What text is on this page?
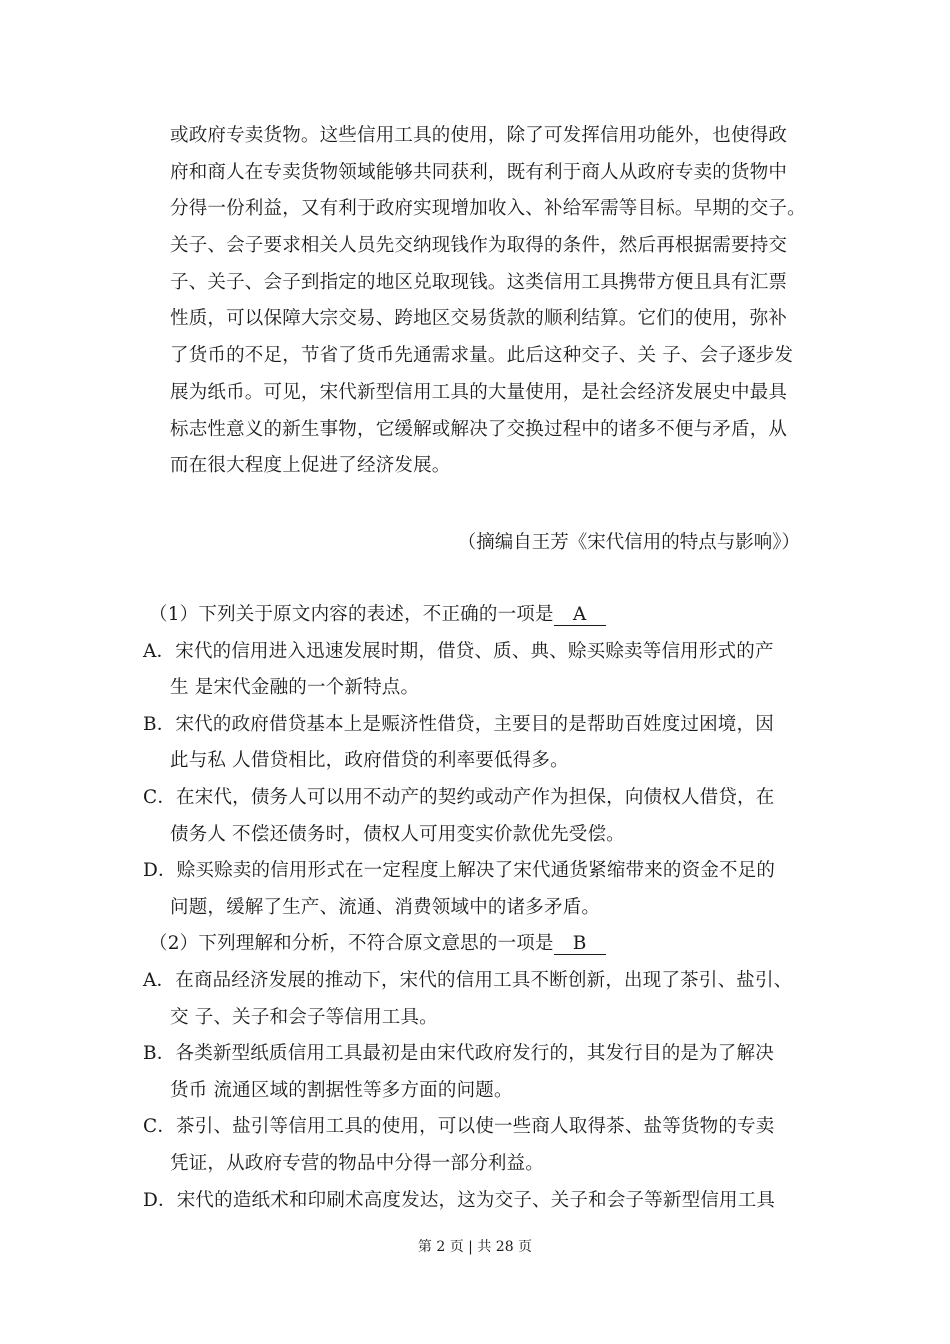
或政府专卖货物。这些信用工具的使用，除了可发挥信用功能外，也使得政
府和商人在专卖货物领域能够共同获利，既有利于商人从政府专卖的货物中
分得一份利益，又有利于政府实现增加收入、补给军需等目标。早期的交子。
关子、会子要求相关人员先交纳现钱作为取得的条件，然后再根据需要持交
子、关子、会子到指定的地区兑取现钱。这类信用工具携带方便且具有汇票
性质，可以保障大宗交易、跨地区交易货款的顺利结算。它们的使用，弥补
了货币的不足，节省了货币先通需求量。此后这种交子、关 子、会子逐步发
展为纸币。可见，宋代新型信用工具的大量使用，是社会经济发展史中最具
标志性意义的新生事物，它缓解或解决了交换过程中的诸多不便与矛盾，从
而在很大程度上促进了经济发展。
（摘编自王芳《宋代信用的特点与影响》）
（1）下列关于原文内容的表述，不正确的一项是 A
A．宋代的信用进入迅速发展时期，借贷、质、典、赊买赊卖等信用形式的产
生 是宋代金融的一个新特点。
B．宋代的政府借贷基本上是赈济性借贷，主要目的是帮助百姓度过困境，因
此与私 人借贷相比，政府借贷的利率要低得多。
C．在宋代，债务人可以用不动产的契约或动产作为担保，向债权人借贷，在
债务人 不偿还债务时，债权人可用变实价款优先受偿。
D．赊买赊卖的信用形式在一定程度上解决了宋代通货紧缩带来的资金不足的
问题，缓解了生产、流通、消费领域中的诸多矛盾。
（2）下列理解和分析，不符合原文意思的一项是 B
A．在商品经济发展的推动下，宋代的信用工具不断创新，出现了茶引、盐引、
交 子、关子和会子等信用工具。
B．各类新型纸质信用工具最初是由宋代政府发行的，其发行目的是为了解决
货币 流通区域的割据性等多方面的问题。
C．茶引、盐引等信用工具的使用，可以使一些商人取得茶、盐等货物的专卖
凭证，从政府专营的物品中分得一部分利益。
D．宋代的造纸术和印刷术高度发达，这为交子、关子和会子等新型信用工具
第 2 页 | 共 28 页
